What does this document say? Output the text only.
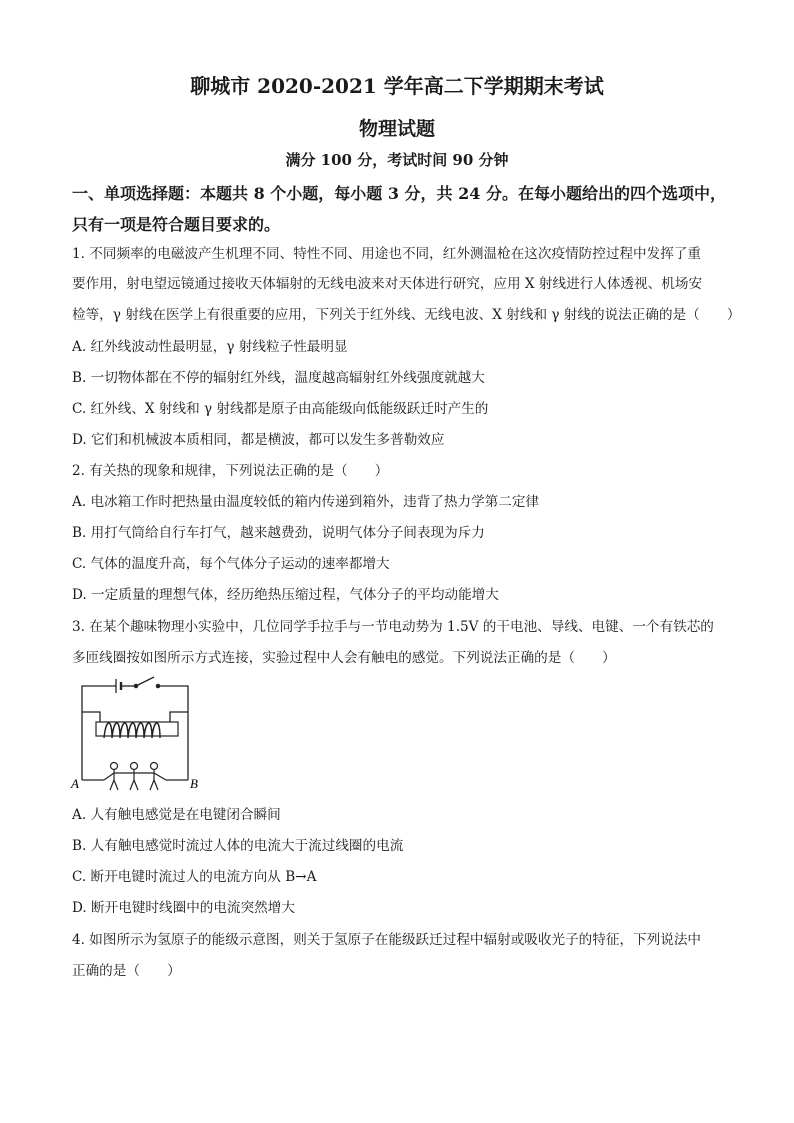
聊城市 2020-2021 学年高二下学期期末考试
物理试题
满分 100 分，考试时间 90 分钟
一、单项选择题：本题共 8 个小题，每小题 3 分，共 24 分。在每小题给出的四个选项中，只有一项是符合题目要求的。
1. 不同频率的电磁波产生机理不同、特性不同、用途也不同，红外测温枪在这次疫情防控过程中发挥了重
要作用，射电望远镜通过接收天体辐射的无线电波来对天体进行研究，应用 X 射线进行人体透视、机场安
检等，γ 射线在医学上有很重要的应用，下列关于红外线、无线电波、X 射线和 γ 射线的说法正确的是（　　）
A. 红外线波动性最明显，γ 射线粒子性最明显
B. 一切物体都在不停的辐射红外线，温度越高辐射红外线强度就越大
C. 红外线、X 射线和 γ 射线都是原子由高能级向低能级跃迁时产生的
D. 它们和机械波本质相同，都是横波，都可以发生多普勒效应
2. 有关热的现象和规律，下列说法正确的是（　　）
A. 电冰箱工作时把热量由温度较低的箱内传递到箱外，违背了热力学第二定律
B. 用打气筒给自行车打气，越来越费劲，说明气体分子间表现为斥力
C. 气体的温度升高，每个气体分子运动的速率都增大
D. 一定质量的理想气体，经历绝热压缩过程，气体分子的平均动能增大
3. 在某个趣味物理小实验中，几位同学手拉手与一节电动势为 1.5V 的干电池、导线、电键、一个有铁芯的
多匝线圈按如图所示方式连接，实验过程中人会有触电的感觉。下列说法正确的是（　　）
A	B
A. 人有触电感觉是在电键闭合瞬间
B. 人有触电感觉时流过人体的电流大于流过线圈的电流
C. 断开电键时流过人的电流方向从 B→A
D. 断开电键时线圈中的电流突然增大
4. 如图所示为氢原子的能级示意图，则关于氢原子在能级跃迁过程中辐射或吸收光子的特征，下列说法中
正确的是（　　）
